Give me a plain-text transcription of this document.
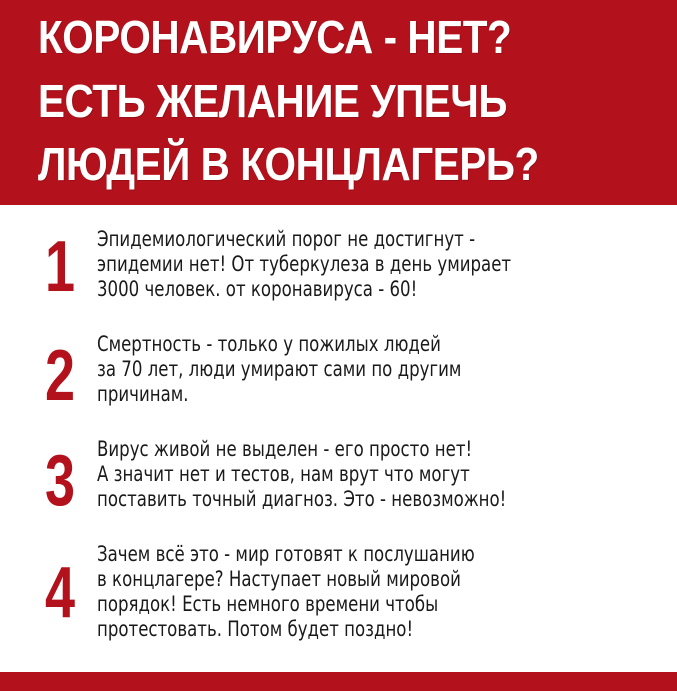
КОРОНАВИРУСА - НЕТ?
ЕСТЬ ЖЕЛАНИЕ УПЕЧЬ
ЛЮДЕЙ В КОНЦЛАГЕРЬ?
1 Эпидемиологический порог не достигнут -
эпидемии нет! От туберкулеза в день умирает
3000 человек. от коронавируса - 60!
2 Смертность - только у пожилых людей
за 70 лет, люди умирают сами по другим
причинам.
3 Вирус живой не выделен - его просто нет!
А значит нет и тестов, нам врут что могут
поставить точный диагноз. Это - невозможно!
4 Зачем всё это - мир готовят к послушанию
в концлагере? Наступает новый мировой
порядок! Есть немного времени чтобы
протестовать. Потом будет поздно!
